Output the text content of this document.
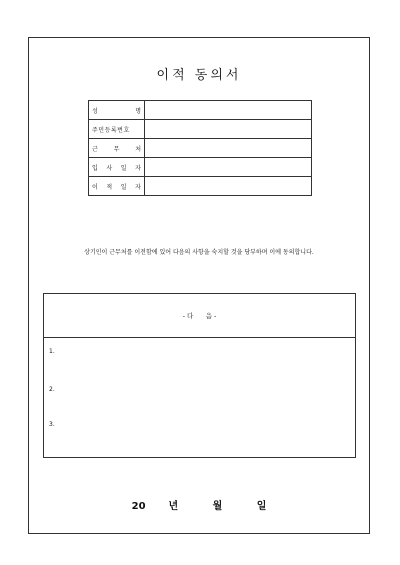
이적 동의서
성 명	

주민등록번호	

근 무 처	

입 사 일 자	

이 적 일 자	

상기인이 근무처를 이전함에 있어 다음의 사항을 숙지할 것을 당부하며 이에 동의합니다.
- 다      음 -
1.
2.
3.
20  년   월   일
